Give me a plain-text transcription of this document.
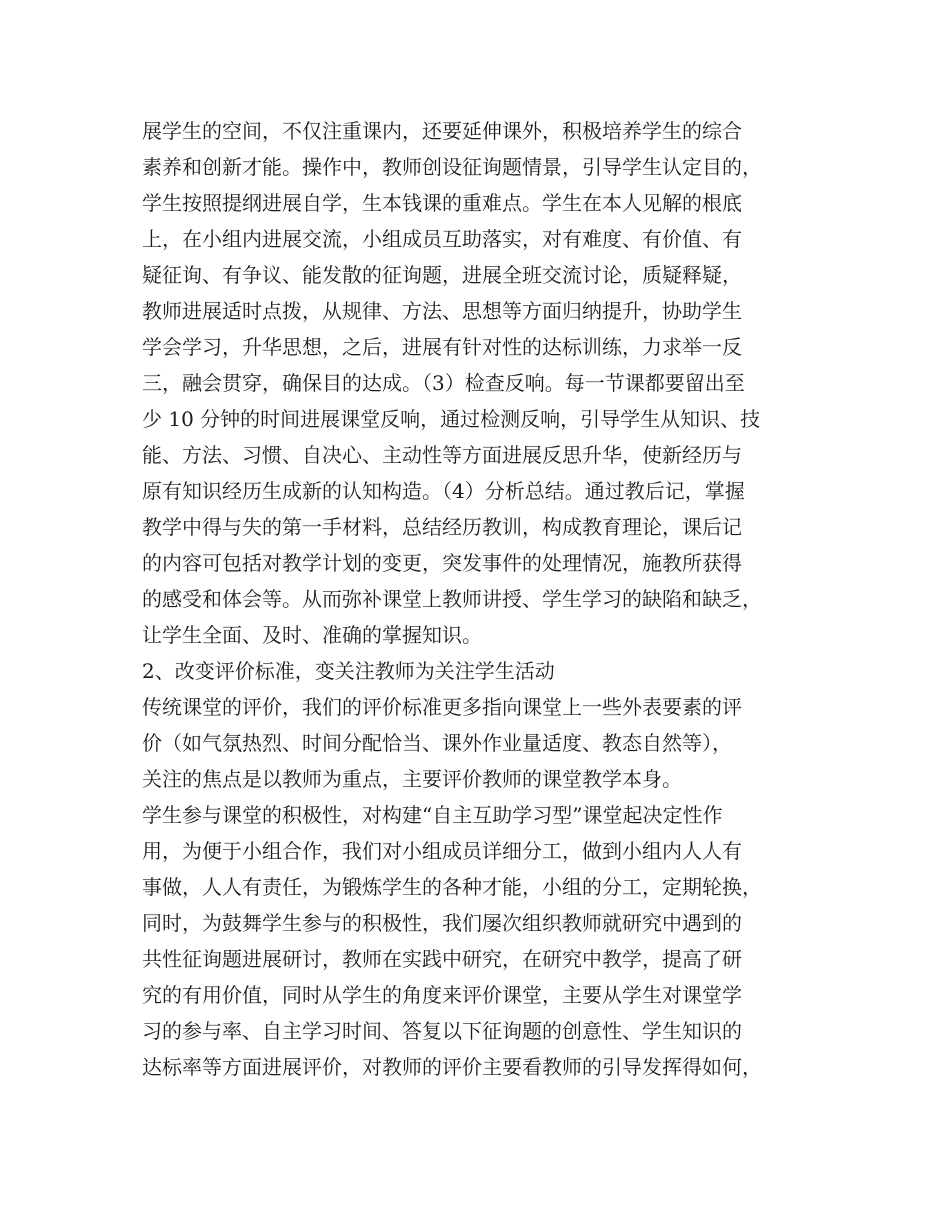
展学生的空间，不仅注重课内，还要延伸课外，积极培养学生的综合
素养和创新才能。操作中，教师创设征询题情景，引导学生认定目的，
学生按照提纲进展自学，生本钱课的重难点。学生在本人见解的根底
上，在小组内进展交流，小组成员互助落实，对有难度、有价值、有
疑征询、有争议、能发散的征询题，进展全班交流讨论，质疑释疑，
教师进展适时点拨，从规律、方法、思想等方面归纳提升，协助学生
学会学习，升华思想，之后，进展有针对性的达标训练，力求举一反
三，融会贯穿，确保目的达成。（3）检查反响。每一节课都要留出至
少 10 分钟的时间进展课堂反响，通过检测反响，引导学生从知识、技
能、方法、习惯、自决心、主动性等方面进展反思升华，使新经历与
原有知识经历生成新的认知构造。（4）分析总结。通过教后记，掌握
教学中得与失的第一手材料，总结经历教训，构成教育理论，课后记
的内容可包括对教学计划的变更，突发事件的处理情况，施教所获得
的感受和体会等。从而弥补课堂上教师讲授、学生学习的缺陷和缺乏，
让学生全面、及时、准确的掌握知识。
2、改变评价标准，变关注教师为关注学生活动
传统课堂的评价，我们的评价标准更多指向课堂上一些外表要素的评
价（如气氛热烈、时间分配恰当、课外作业量适度、教态自然等），
关注的焦点是以教师为重点，主要评价教师的课堂教学本身。
学生参与课堂的积极性，对构建“自主互助学习型”课堂起决定性作
用，为便于小组合作，我们对小组成员详细分工，做到小组内人人有
事做，人人有责任，为锻炼学生的各种才能，小组的分工，定期轮换，
同时，为鼓舞学生参与的积极性，我们屡次组织教师就研究中遇到的
共性征询题进展研讨，教师在实践中研究，在研究中教学，提高了研
究的有用价值，同时从学生的角度来评价课堂，主要从学生对课堂学
习的参与率、自主学习时间、答复以下征询题的创意性、学生知识的
达标率等方面进展评价，对教师的评价主要看教师的引导发挥得如何，
